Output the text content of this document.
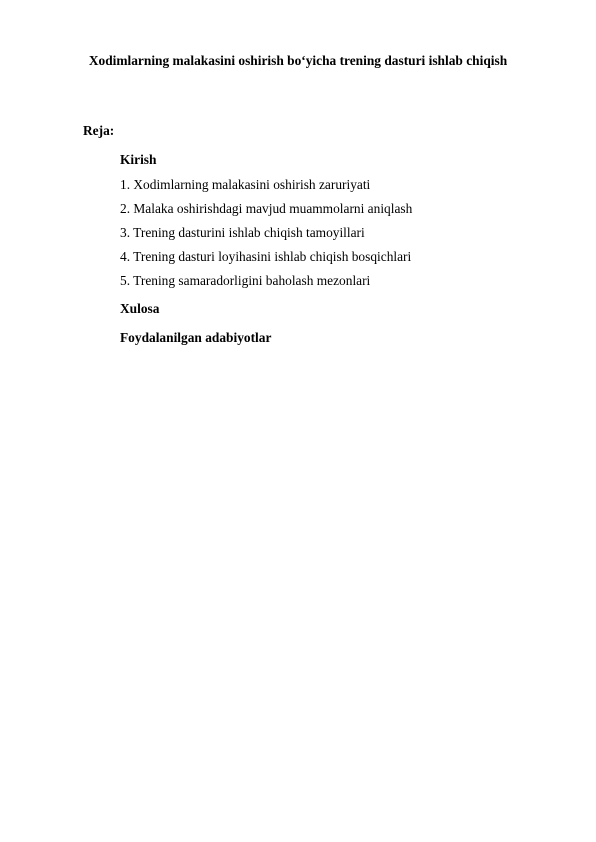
Xodimlarning malakasini oshirish bo‘yicha trening dasturi ishlab chiqish
Reja:
Kirish
1. Xodimlarning malakasini oshirish zaruriyati
2. Malaka oshirishdagi mavjud muammolarni aniqlash
3. Trening dasturini ishlab chiqish tamoyillari
4. Trening dasturi loyihasini ishlab chiqish bosqichlari
5. Trening samaradorligini baholash mezonlari
Xulosa
Foydalanilgan adabiyotlar
